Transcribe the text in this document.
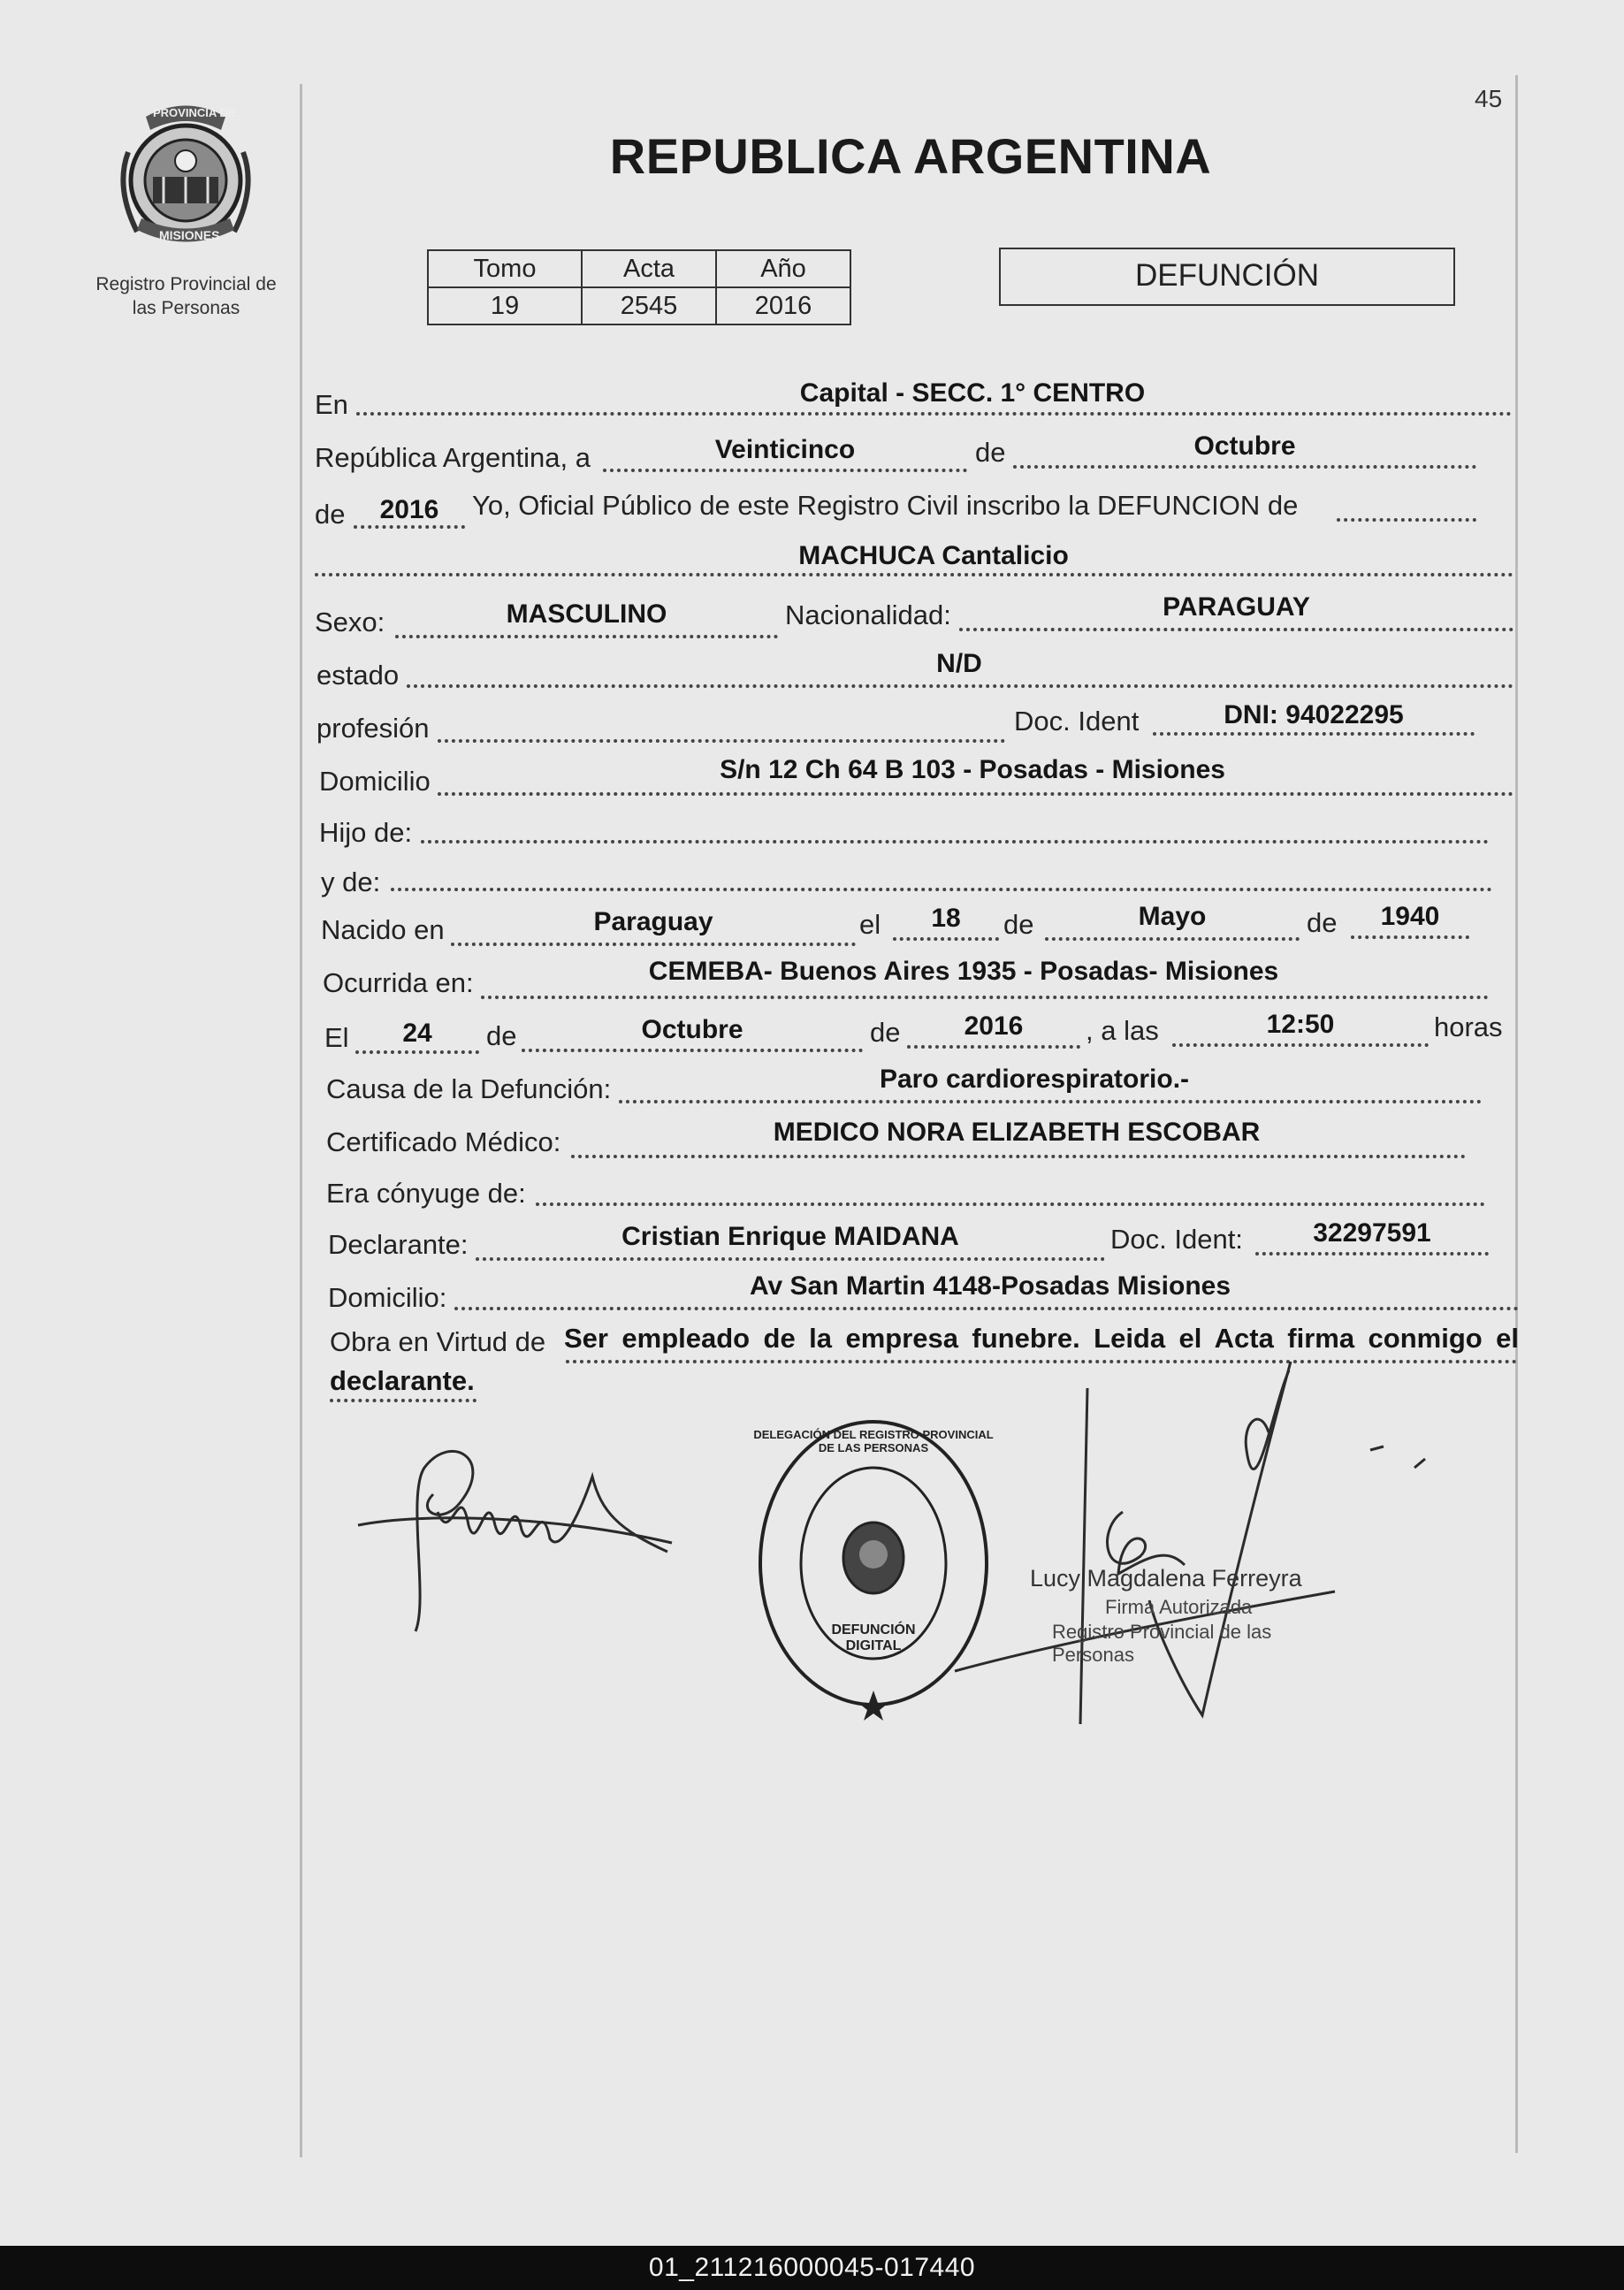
PROVINCIA DE
MISIONES
Registro Provincial de
las Personas
45
REPUBLICA ARGENTINA
Tomo	Acta	Año
19	2545	2016
DEFUNCIÓN
En	Capital - SECC. 1° CENTRO
República Argentina, a	Veinticinco	de	Octubre
de	2016	Yo, Oficial Público de este Registro Civil inscribo la DEFUNCION de
MACHUCA Cantalicio
Sexo:	MASCULINO	Nacionalidad:	PARAGUAY
estado	N/D
profesión	Doc. Ident	DNI: 94022295
Domicilio	S/n 12 Ch 64 B 103 - Posadas - Misiones
Hijo de:
y de:
Nacido en	Paraguay	el	18	de	Mayo	de	1940
Ocurrida en:	CEMEBA- Buenos Aires 1935 - Posadas- Misiones
El	24	de	Octubre	de	2016	, a las	12:50	horas
Causa de la Defunción:	Paro cardiorespiratorio.-
Certificado Médico:	MEDICO NORA ELIZABETH ESCOBAR
Era cónyuge de:
Declarante:	Cristian Enrique MAIDANA	Doc. Ident:	32297591
Domicilio:	Av San Martin 4148-Posadas Misiones
Obra en Virtud de Ser empleado de la empresa funebre. Leida el Acta firma conmigo el
declarante.
DELEGACIÓN DEL REGISTRO PROVINCIAL DE LAS PERSONAS
DEFUNCIÓN DIGITAL
Lucy Magdalena Ferreyra
Firma Autorizada
Registro Provincial de las Personas
01_211216000045-017440
